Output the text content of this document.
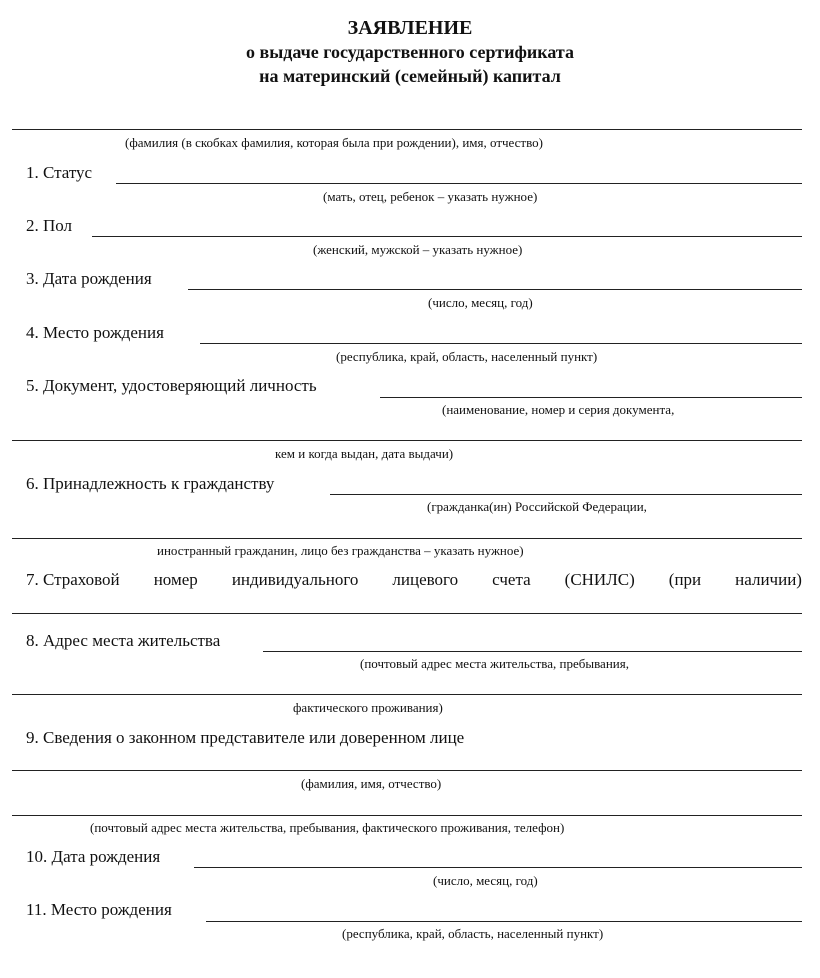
ЗАЯВЛЕНИЕ
о выдаче государственного сертификата
на материнский (семейный) капитал
(фамилия (в скобках фамилия, которая была при рождении), имя, отчество)
1. Статус
(мать, отец, ребенок – указать нужное)
2. Пол
(женский, мужской – указать нужное)
3. Дата рождения
(число, месяц, год)
4. Место рождения
(республика, край, область, населенный пункт)
5. Документ, удостоверяющий личность
(наименование, номер и серия документа,
кем и когда выдан, дата выдачи)
6. Принадлежность к гражданству
(гражданка(ин) Российской Федерации,
иностранный гражданин, лицо без гражданства – указать нужное)
7. Страховой номер индивидуального лицевого счета (СНИЛС) (при наличии)
8. Адрес места жительства
(почтовый адрес места жительства, пребывания,
фактического проживания)
9. Сведения о законном представителе или доверенном лице
(фамилия, имя, отчество)
(почтовый адрес места жительства, пребывания, фактического проживания, телефон)
10. Дата рождения
(число, месяц, год)
11. Место рождения
(республика, край, область, населенный пункт)
